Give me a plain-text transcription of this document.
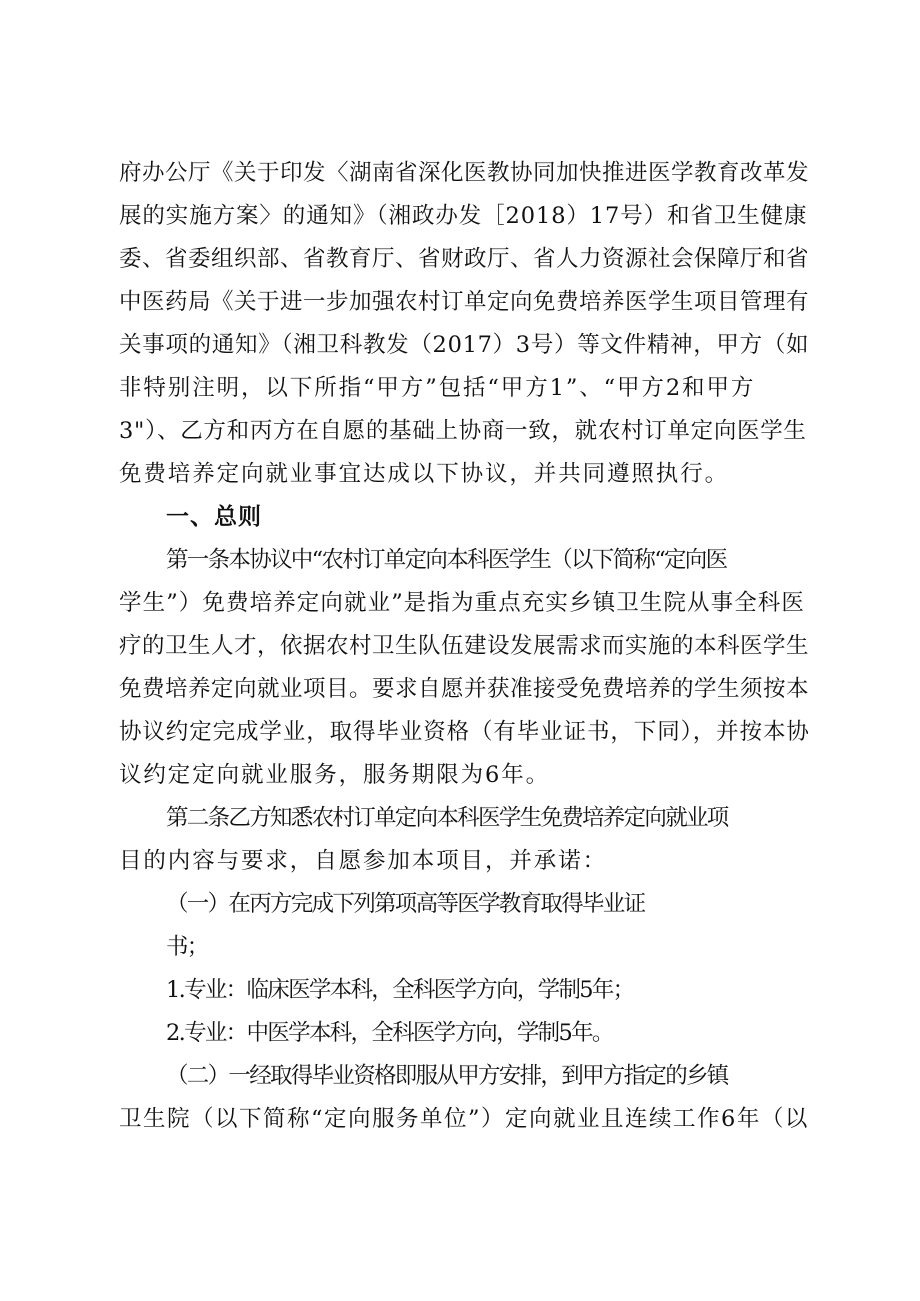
府办公厅《关于印发〈湖南省深化医教协同加快推进医学教育改革发
展的实施方案〉的通知》（湘政办发［2018）17号）和省卫生健康
委、省委组织部、省教育厅、省财政厅、省人力资源社会保障厅和省
中医药局《关于进一步加强农村订单定向免费培养医学生项目管理有
关事项的通知》（湘卫科教发（2017）3号）等文件精神，甲方（如
非特别注明，以下所指“甲方”包括“甲方1”、“甲方2和甲方
3"）、乙方和丙方在自愿的基础上协商一致，就农村订单定向医学生
免费培养定向就业事宜达成以下协议，并共同遵照执行。
一、总则
第一条本协议中“农村订单定向本科医学生（以下简称“定向医
学生”）免费培养定向就业”是指为重点充实乡镇卫生院从事全科医
疗的卫生人才，依据农村卫生队伍建设发展需求而实施的本科医学生
免费培养定向就业项目。要求自愿并获准接受免费培养的学生须按本
协议约定完成学业，取得毕业资格（有毕业证书，下同），并按本协
议约定定向就业服务，服务期限为6年。
第二条乙方知悉农村订单定向本科医学生免费培养定向就业项
目的内容与要求，自愿参加本项目，并承诺：
（一）在丙方完成下列第项高等医学教育取得毕业证
书；
1.专业：临床医学本科，全科医学方向，学制5年；
2.专业：中医学本科，全科医学方向，学制5年。
（二）一经取得毕业资格即服从甲方安排，到甲方指定的乡镇
卫生院（以下简称“定向服务单位”）定向就业且连续工作6年（以
